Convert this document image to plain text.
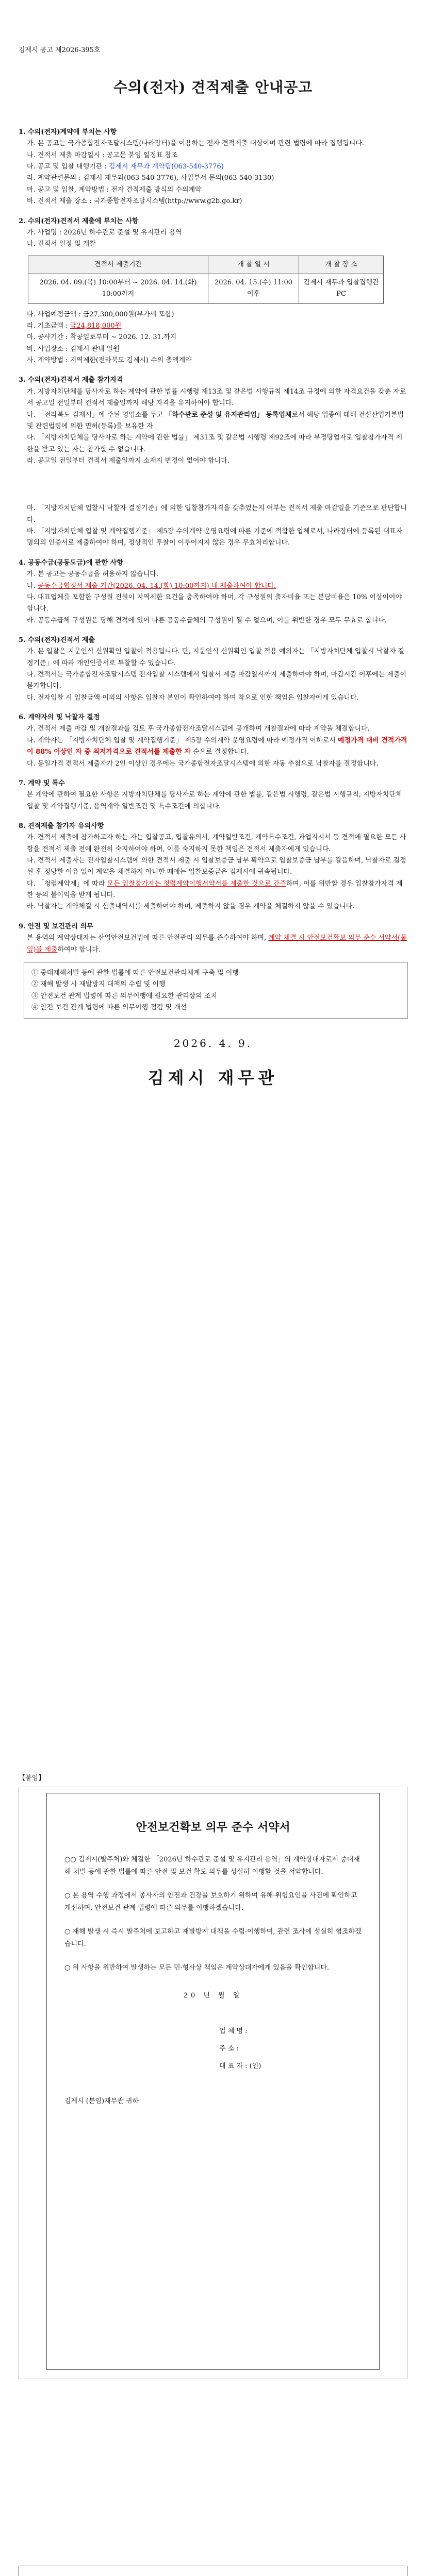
김제시 공고 제2026-395호
수의(전자) 견적제출 안내공고
1. 수의(전자)계약에 부치는 사항

가. 본 공고는 국가종합전자조달시스템(나라장터)을 이용하는 전자 견적제출 대상이며 관련 법령에 따라 집행됩니다.

나. 견적서 제출 마감일시 : 공고문 붙임 일정표 참조

다. 공고 및 입찰 대행기관 : 김제시 재무과 계약팀(063-540-3776)

라. 계약관련문의 : 김제시 재무과(063-540-3776), 사업부서 문의(063-540-3130)

마. 공고 및 입찰, 계약방법 : 전자 견적제출 방식의 수의계약

바. 견적서 제출 장소 : 국가종합전자조달시스템(http://www.g2b.go.kr)

2. 수의(전자)견적서 제출에 부치는 사항

가. 사업명 : 2026년 하수관로 준설 및 유지관리 용역

나. 견적서 일정 및 개찰

견적서 제출기간	개 찰 일 시	개 찰 장 소
2026. 04. 09.(목) 10:00부터 ~ 2026. 04. 14.(화) 10:00까지	2026. 04. 15.(수) 11:00 이후	김제시 재무과 입찰집행관 PC

다. 사업예정금액 : 금27,300,000원(부가세 포함)

라. 기초금액 : 금24,818,000원

마. 공사기간 : 착공일로부터 ~ 2026. 12. 31.까지

바. 사업장소 : 김제시 관내 일원

사. 계약방법 : 지역제한(전라북도 김제시) 수의 총액계약

3. 수의(전자)견적서 제출 참가자격

가. 지방자치단체를 당사자로 하는 계약에 관한 법률 시행령 제13조 및 같은법 시행규칙 제14조 규정에 의한 자격요건을 갖춘 자로서 공고일 전일부터 견적서 제출일까지 해당 자격을 유지하여야 합니다.

나. 「전라북도 김제시」에 주된 영업소를 두고 「하수관로 준설 및 유지관리업」 등록업체로서 해당 업종에 대해 건설산업기본법 및 관련법령에 의한 면허(등록)를 보유한 자

다. 「지방자치단체를 당사자로 하는 계약에 관한 법률」 제31조 및 같은법 시행령 제92조에 따라 부정당업자로 입찰참가자격 제한을 받고 있는 자는 참가할 수 없습니다.

라. 공고일 전일부터 견적서 제출일까지 소재지 변경이 없어야 합니다.

마. 「지방자치단체 입찰시 낙찰자 결정기준」에 의한 입찰참가자격을 갖추었는지 여부는 견적서 제출 마감일을 기준으로 판단합니다.

바. 「지방자치단체 입찰 및 계약집행기준」 제5장 수의계약 운영요령에 따른 기준에 적합한 업체로서, 나라장터에 등록된 대표자 명의의 인증서로 제출하여야 하며, 정상적인 투찰이 이루어지지 않은 경우 무효처리합니다.

4. 공동수급(공동도급)에 관한 사항

가. 본 공고는 공동수급을 허용하지 않습니다.

나. 공동수급협정서 제출 기간(2026. 04. 14.(화) 10:00까지) 내 제출하여야 합니다.

다. 대표업체를 포함한 구성원 전원이 지역제한 요건을 충족하여야 하며, 각 구성원의 출자비율 또는 분담비율은 10% 이상이어야 합니다.

라. 공동수급체 구성원은 당해 견적에 있어 다른 공동수급체의 구성원이 될 수 없으며, 이를 위반한 경우 모두 무효로 합니다.

5. 수의(전자)견적서 제출

가. 본 입찰은 지문인식 신원확인 입찰이 적용됩니다. 단, 지문인식 신원확인 입찰 적용 예외자는 「지방자치단체 입찰시 낙찰자 결정기준」에 따라 개인인증서로 투찰할 수 있습니다.

나. 견적서는 국가종합전자조달시스템 전자입찰 시스템에서 입찰서 제출 마감일시까지 제출하여야 하며, 마감시간 이후에는 제출이 불가합니다.

다. 전자입찰 시 입찰금액 이외의 사항은 입찰자 본인이 확인하여야 하며 착오로 인한 책임은 입찰자에게 있습니다.

6. 계약자의 및 낙찰자 결정

가. 견적서 제출 마감 및 개찰결과를 검토 후 국가종합전자조달시스템에 공개하며 개찰결과에 따라 계약을 체결합니다.

나. 계약자는 「지방자치단체 입찰 및 계약집행기준」 제5장 수의계약 운영요령에 따라 예정가격 이하로서 예정가격 대비 견적가격이 88% 이상인 자 중 최저가격으로 견적서를 제출한 자 순으로 결정합니다.

다. 동일가격 견적서 제출자가 2인 이상인 경우에는 국가종합전자조달시스템에 의한 자동 추첨으로 낙찰자를 결정합니다.

7. 계약 및 특수

본 계약에 관하여 필요한 사항은 지방자치단체를 당사자로 하는 계약에 관한 법률, 같은법 시행령, 같은법 시행규칙, 지방자치단체 입찰 및 계약집행기준, 용역계약 일반조건 및 특수조건에 의합니다.

8. 견적제출 참가자 유의사항

가. 견적서 제출에 참가하고자 하는 자는 입찰공고, 입찰유의서, 계약일반조건, 계약특수조건, 과업지시서 등 견적에 필요한 모든 사항을 견적서 제출 전에 완전히 숙지하여야 하며, 이를 숙지하지 못한 책임은 견적서 제출자에게 있습니다.

나. 견적서 제출자는 전자입찰시스템에 의한 견적서 제출 시 입찰보증금 납부 확약으로 입찰보증금 납부를 갈음하며, 낙찰자로 결정된 후 정당한 이유 없이 계약을 체결하지 아니한 때에는 입찰보증금은 김제시에 귀속됩니다.

다. 「청렴계약제」에 따라 모든 입찰참가자는 청렴계약이행서약서를 제출한 것으로 간주하며, 이를 위반할 경우 입찰참가자격 제한 등의 불이익을 받게 됩니다.

라. 낙찰자는 계약체결 시 산출내역서를 제출하여야 하며, 제출하지 않을 경우 계약을 체결하지 않을 수 있습니다.

9. 안전 및 보건관리 의무

본 용역의 계약상대자는 산업안전보건법에 따른 안전관리 의무를 준수하여야 하며, 계약 체결 시 안전보건확보 의무 준수 서약서(붙임)를 제출하여야 합니다.

① 중대재해처벌 등에 관한 법률에 따른 안전보건관리체계 구축 및 이행
② 재해 발생 시 재발방지 대책의 수립 및 이행
③ 안전보건 관계 법령에 따른 의무이행에 필요한 관리상의 조치
④ 안전 보건 관계 법령에 따른 의무이행 점검 및 개선
2026. 4. 9.
김제시 재무관
【붙임】
안전보건확보 의무 준수 서약서

○○ 김제시(발주처)와 체결한 「2026년 하수관로 준설 및 유지관리 용역」의 계약상대자로서 중대재해 처벌 등에 관한 법률에 따른 안전 및 보건 확보 의무를 성실히 이행할 것을 서약합니다.

○ 본 용역 수행 과정에서 종사자의 안전과 건강을 보호하기 위하여 유해·위험요인을 사전에 확인하고 개선하며, 안전보건 관계 법령에 따른 의무를 이행하겠습니다.

○ 재해 발생 시 즉시 발주처에 보고하고 재발방지 대책을 수립·이행하며, 관련 조사에 성실히 협조하겠습니다.

○ 위 사항을 위반하여 발생하는 모든 민·형사상 책임은 계약상대자에게 있음을 확인합니다.

20 년 월 일
업 체 명 :
주 소 :
대 표 자 : (인)
김제시 (분임)재무관 귀하
